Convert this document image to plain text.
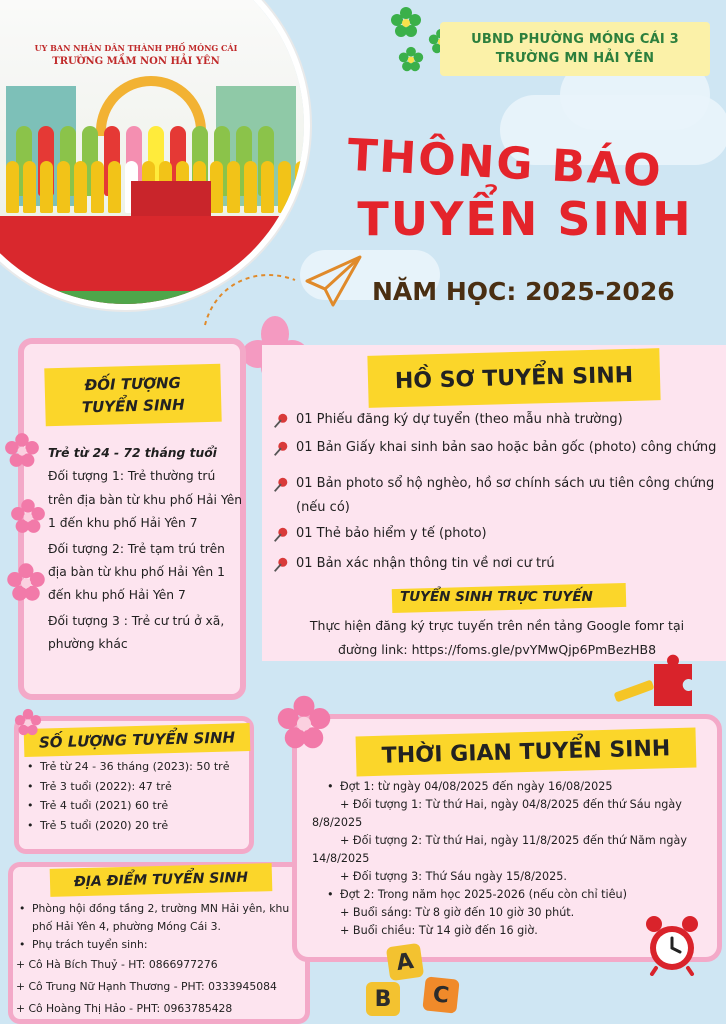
UY BAN NHÂN DÂN THÀNH PHỐ MÓNG CÁI
TRƯỜNG MẦM NON HẢI YÊN
UBND PHƯỜNG MÓNG CÁI 3
TRƯỜNG MN HẢI YÊN
THÔNG BÁO
TUYỂN SINH
NĂM HỌC: 2025-2026
ĐỐI TƯỢNG
TUYỂN SINH
Trẻ từ 24 - 72 tháng tuổi
Đối tượng 1: Trẻ thường trú trên địa bàn từ khu phố Hải Yên 1 đến khu phố Hải Yên 7
Đối tượng 2: Trẻ tạm trú trên địa bàn từ khu phố Hải Yên 1 đến khu phố Hải Yên 7
Đối tượng 3 : Trẻ cư trú ở xã, phường khác
HỒ SƠ TUYỂN SINH
01 Phiếu đăng ký dự tuyển (theo mẫu nhà trường)
01 Bản Giấy khai sinh bản sao hoặc bản gốc (photo) công chứng
01 Bản photo sổ hộ nghèo, hồ sơ chính sách ưu tiên công chứng (nếu có)
01 Thẻ bảo hiểm y tế (photo)
01 Bản xác nhận thông tin về nơi cư trú
TUYỂN SINH TRỰC TUYẾN
Thực hiện đăng ký trực tuyến trên nền tảng Google fomr tại
đường link: https://foms.gle/pvYMwQjp6PmBezHB8
SỐ LƯỢNG TUYỂN SINH
• Trẻ từ 24 - 36 tháng (2023): 50 trẻ
• Trẻ 3 tuổi (2022): 47 trẻ
• Trẻ 4 tuổi (2021) 60 trẻ
• Trẻ 5 tuổi (2020) 20 trẻ
ĐỊA ĐIỂM TUYỂN SINH
• Phòng hội đồng tầng 2, trường MN Hải yên, khu phố Hải Yên 4, phường Móng Cái 3.
• Phụ trách tuyển sinh:
+ Cô Hà Bích Thuỷ - HT: 0866977276
+ Cô Trung Nữ Hạnh Thương - PHT: 0333945084
+ Cô Hoàng Thị Hảo - PHT: 0963785428
THỜI GIAN TUYỂN SINH
• Đợt 1: từ ngày 04/08/2025 đến ngày 16/08/2025
+ Đối tượng 1: Từ thứ Hai, ngày 04/8/2025 đến thứ Sáu ngày 8/8/2025
+ Đối tượng 2: Từ thứ Hai, ngày 11/8/2025 đến thứ Năm ngày 14/8/2025
+ Đối tượng 3: Thứ Sáu ngày 15/8/2025.
• Đợt 2: Trong năm học 2025-2026 (nếu còn chỉ tiêu)
+ Buổi sáng: Từ 8 giờ đến 10 giờ 30 phút.
+ Buổi chiều: Từ 14 giờ đến 16 giờ.
A
B	C
